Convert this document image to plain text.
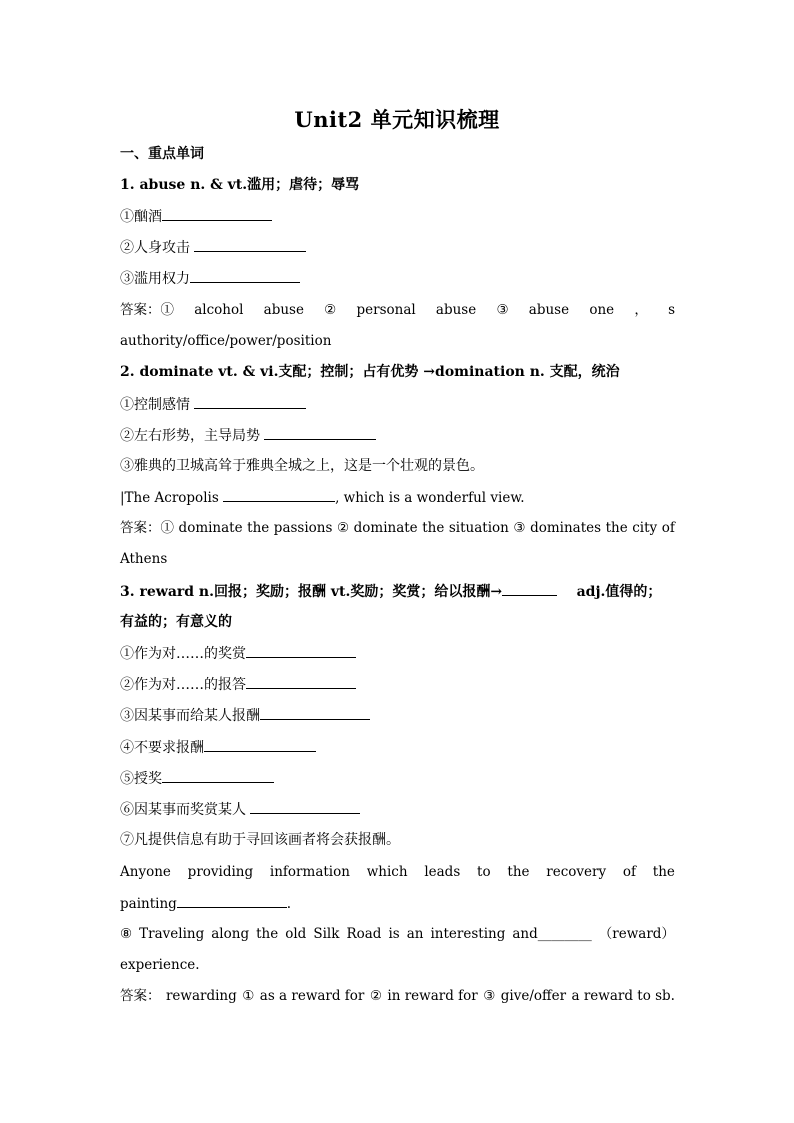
Unit2 单元知识梳理
一、重点单词
1. abuse n. & vt.滥用；虐待；辱骂
①酗酒
②人身攻击
③滥用权力
答案：① alcohol abuse ② personal abuse ③ abuse one ， s
authority/office/power/position
2. dominate vt. & vi.支配；控制；占有优势 →domination n. 支配，统治
①控制感情
②左右形势，主导局势
③雅典的卫城高耸于雅典全城之上，这是一个壮观的景色。
|The Acropolis	, which is a wonderful view.
答案：① dominate the passions ② dominate the situation ③ dominates the city of
Athens
3. reward n.回报；奖励；报酬 vt.奖励；奖赏；给以报酬→	adj.值得的；
有益的；有意义的
①作为对……的奖赏
②作为对……的报答
③因某事而给某人报酬
④不要求报酬
⑤授奖
⑥因某事而奖赏某人
⑦凡提供信息有助于寻回该画者将会获报酬。
Anyone providing information which leads to the recovery of the
painting	.
⑧ Traveling along the old Silk Road is an interesting and________ （reward）
experience.
答案： rewarding ① as a reward for ② in reward for ③ give/offer a reward to sb.
